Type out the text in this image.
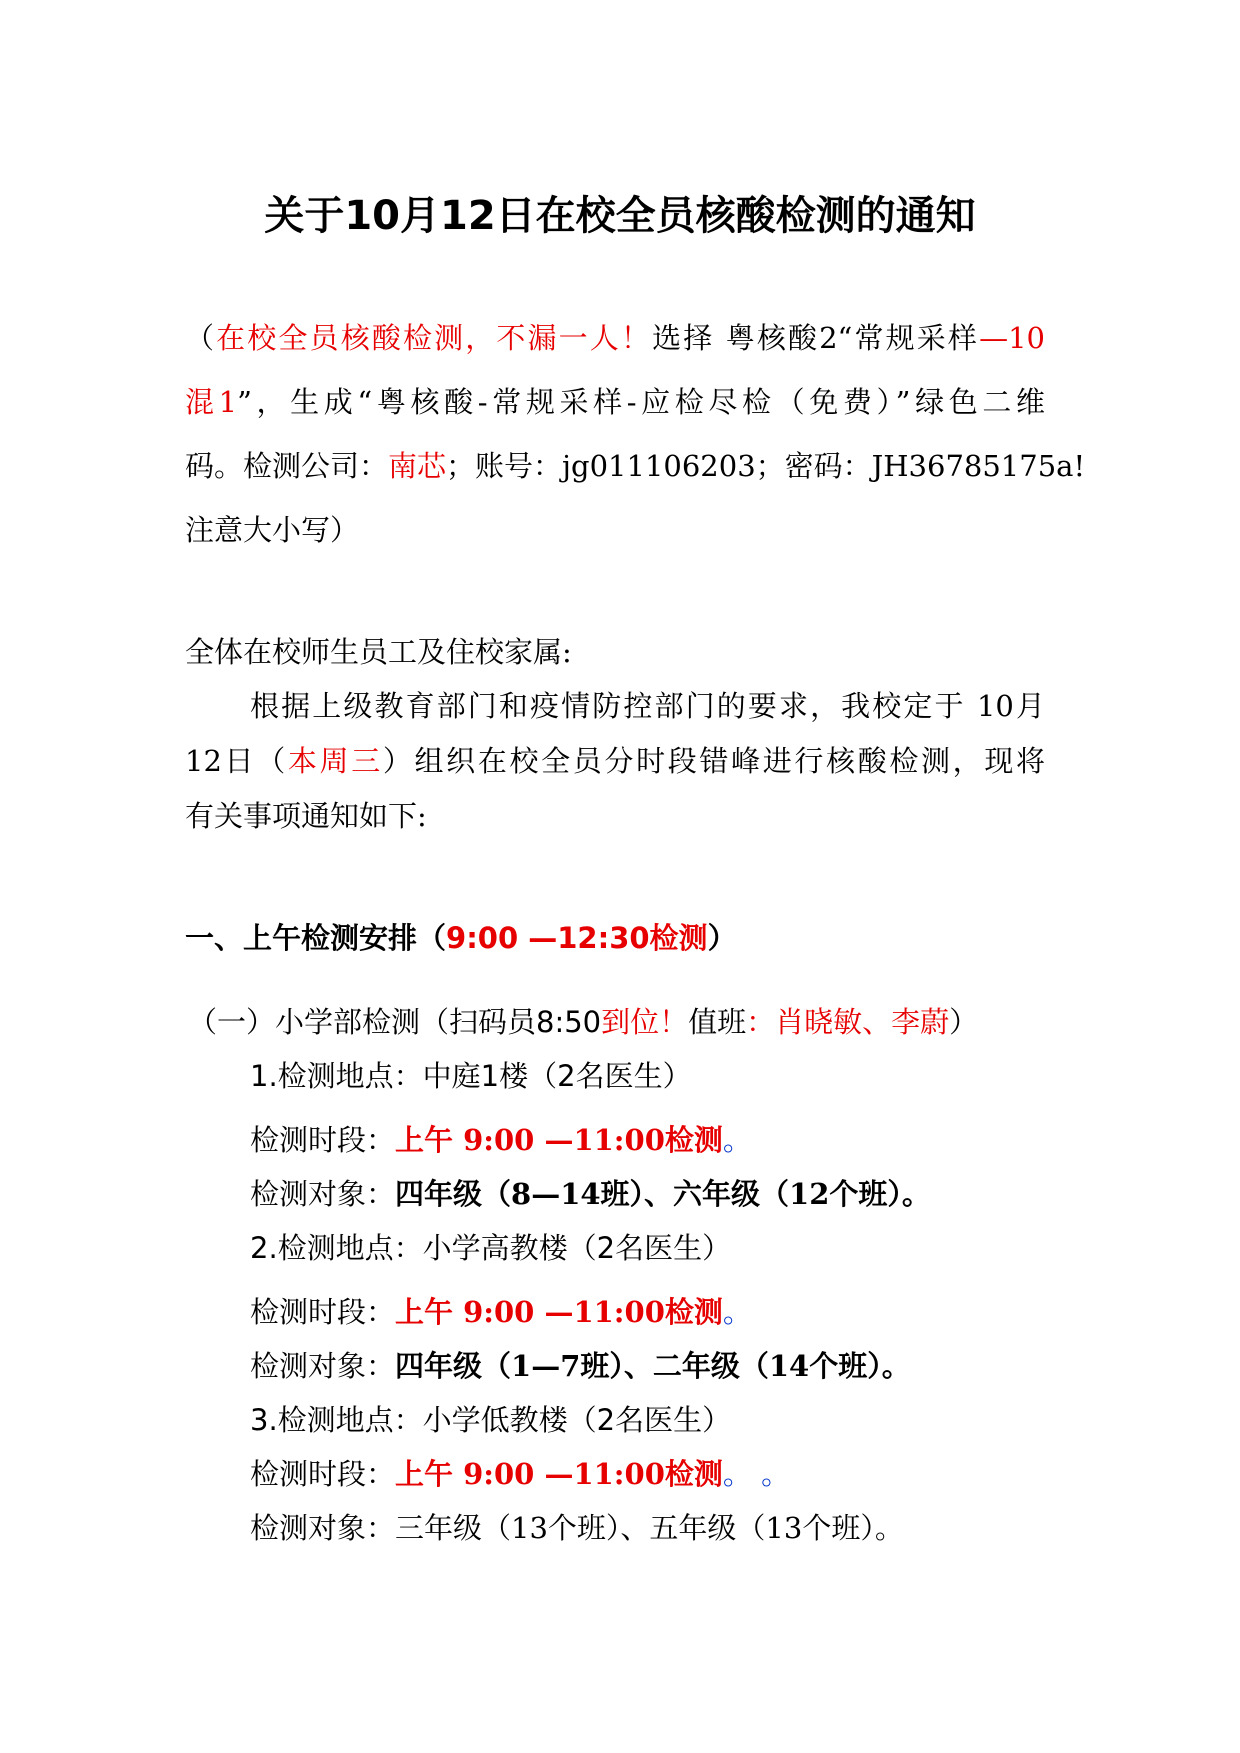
关于10月12日在校全员核酸检测的通知

（在校全员核酸检测，不漏一人！选择 粤核酸2“常规采样—10

混1”，生成“粤核酸-常规采样-应检尽检（免费）”绿色二维

码。检测公司：南芯；账号：jg011106203；密码：JH36785175a!

注意大小写）

全体在校师生员工及住校家属:

根据上级教育部门和疫情防控部门的要求，我校定于 10月

12日（本周三）组织在校全员分时段错峰进行核酸检测，现将

有关事项通知如下:

一、上午检测安排（9:00 —12:30检测）

（一）小学部检测（扫码员8:50到位！值班：肖晓敏、李蔚）

1.检测地点：中庭1楼（2名医生）

检测时段：上午 9:00 —11:00检测。

检测对象：四年级（8—14班）、六年级（12个班）。

2.检测地点：小学高教楼（2名医生）

检测时段：上午 9:00 —11:00检测。

检测对象：四年级（1—7班）、二年级（14个班）。

3.检测地点：小学低教楼（2名医生）

检测时段：上午 9:00 —11:00检测。 。

检测对象：三年级（13个班）、五年级（13个班）。
